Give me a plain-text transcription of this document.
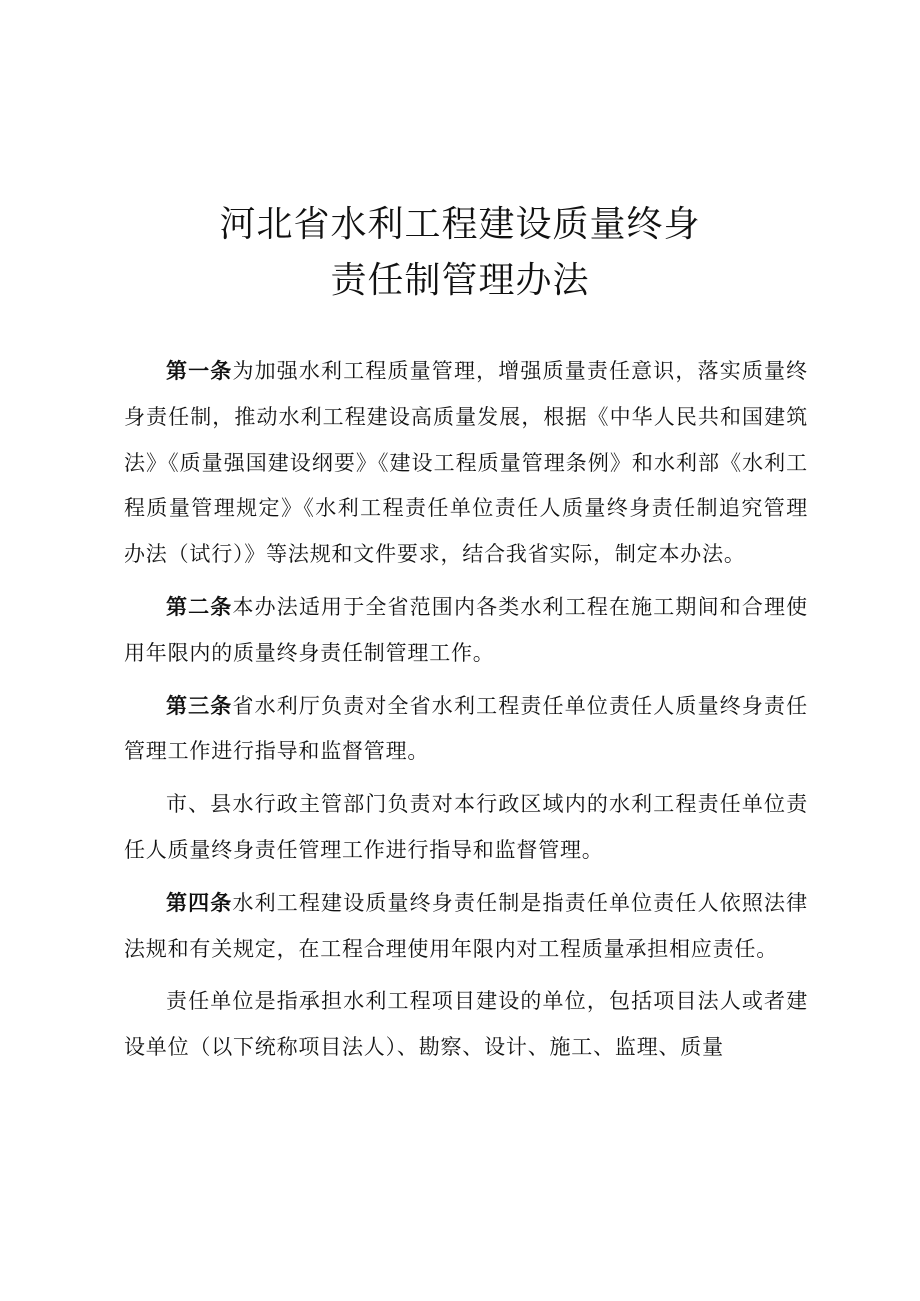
河北省水利工程建设质量终身
责任制管理办法

第一条为加强水利工程质量管理，增强质量责任意识，落实质量终身责任制，推动水利工程建设高质量发展，根据《中华人民共和国建筑法》《质量强国建设纲要》《建设工程质量管理条例》和水利部《水利工程质量管理规定》《水利工程责任单位责任人质量终身责任制追究管理办法（试行）》等法规和文件要求，结合我省实际，制定本办法。

第二条本办法适用于全省范围内各类水利工程在施工期间和合理使用年限内的质量终身责任制管理工作。

第三条省水利厅负责对全省水利工程责任单位责任人质量终身责任管理工作进行指导和监督管理。

市、县水行政主管部门负责对本行政区域内的水利工程责任单位责任人质量终身责任管理工作进行指导和监督管理。

第四条水利工程建设质量终身责任制是指责任单位责任人依照法律法规和有关规定，在工程合理使用年限内对工程质量承担相应责任。

责任单位是指承担水利工程项目建设的单位，包括项目法人或者建设单位（以下统称项目法人）、勘察、设计、施工、监理、质量
